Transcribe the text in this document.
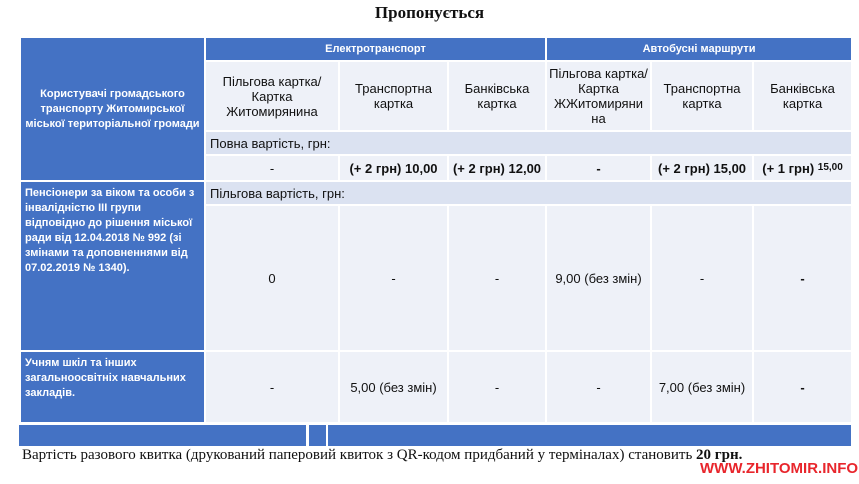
Пропонується
Користувачі громадського транспорту Житомирської міської територіальної громади	Електротранспорт			Автобусні маршрути		
	Пільгова картка/Картка Житомирянина	Транспортна картка	Банківська картка	Пільгова картка/Картка ЖЖитомиряни на	Транспортна картка	Банківська картка
	Повна вартість, грн:					
	-	(+ 2 грн) 10,00	(+ 2 грн) 12,00	-	(+ 2 грн) 15,00	(+ 1 грн) $^{15,00}$
Пенсіонери за віком та особи з інвалідністю ІІІ групи відповідно до рішення міської ради від 12.04.2018 № 992 (зі змінами та доповненнями від 07.02.2019 № 1340).	Пільгова вартість, грн:					
	0	-	-	9,00 (без змін)	-	-
Учням шкіл та інших загальноосвітніх навчальних закладів.	-	5,00 (без змін)	-	-	7,00 (без змін)	-
Вартість разового квитка (друкований паперовий квиток з QR-кодом придбаний у терміналах) становить 20 грн.
WWW.ZHITOMIR.INFO
